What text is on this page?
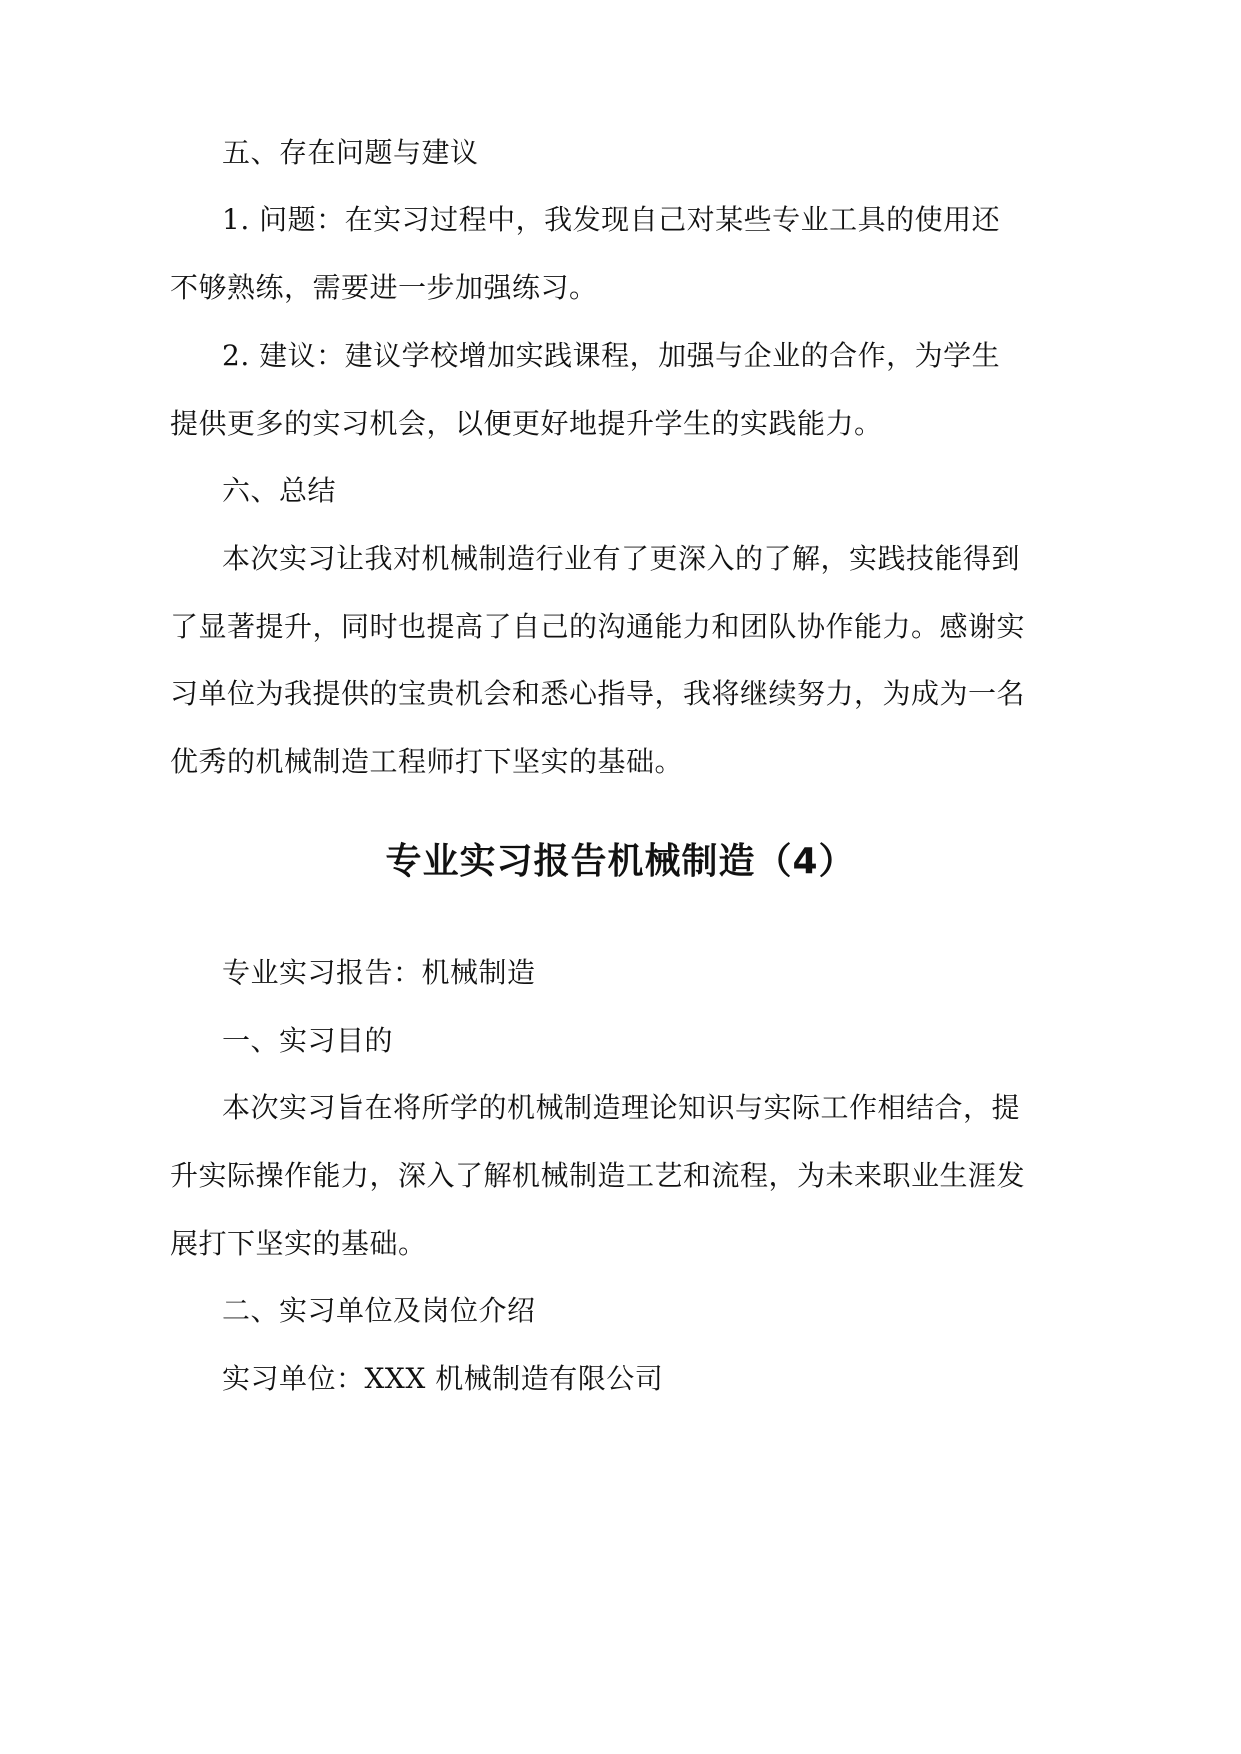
五、存在问题与建议
1. 问题：在实习过程中，我发现自己对某些专业工具的使用还
不够熟练，需要进一步加强练习。
2. 建议：建议学校增加实践课程，加强与企业的合作，为学生
提供更多的实习机会，以便更好地提升学生的实践能力。
六、总结
本次实习让我对机械制造行业有了更深入的了解，实践技能得到
了显著提升，同时也提高了自己的沟通能力和团队协作能力。感谢实
习单位为我提供的宝贵机会和悉心指导，我将继续努力，为成为一名
优秀的机械制造工程师打下坚实的基础。
专业实习报告机械制造（4）
专业实习报告：机械制造
一、实习目的
本次实习旨在将所学的机械制造理论知识与实际工作相结合，提
升实际操作能力，深入了解机械制造工艺和流程，为未来职业生涯发
展打下坚实的基础。
二、实习单位及岗位介绍
实习单位：XXX 机械制造有限公司
